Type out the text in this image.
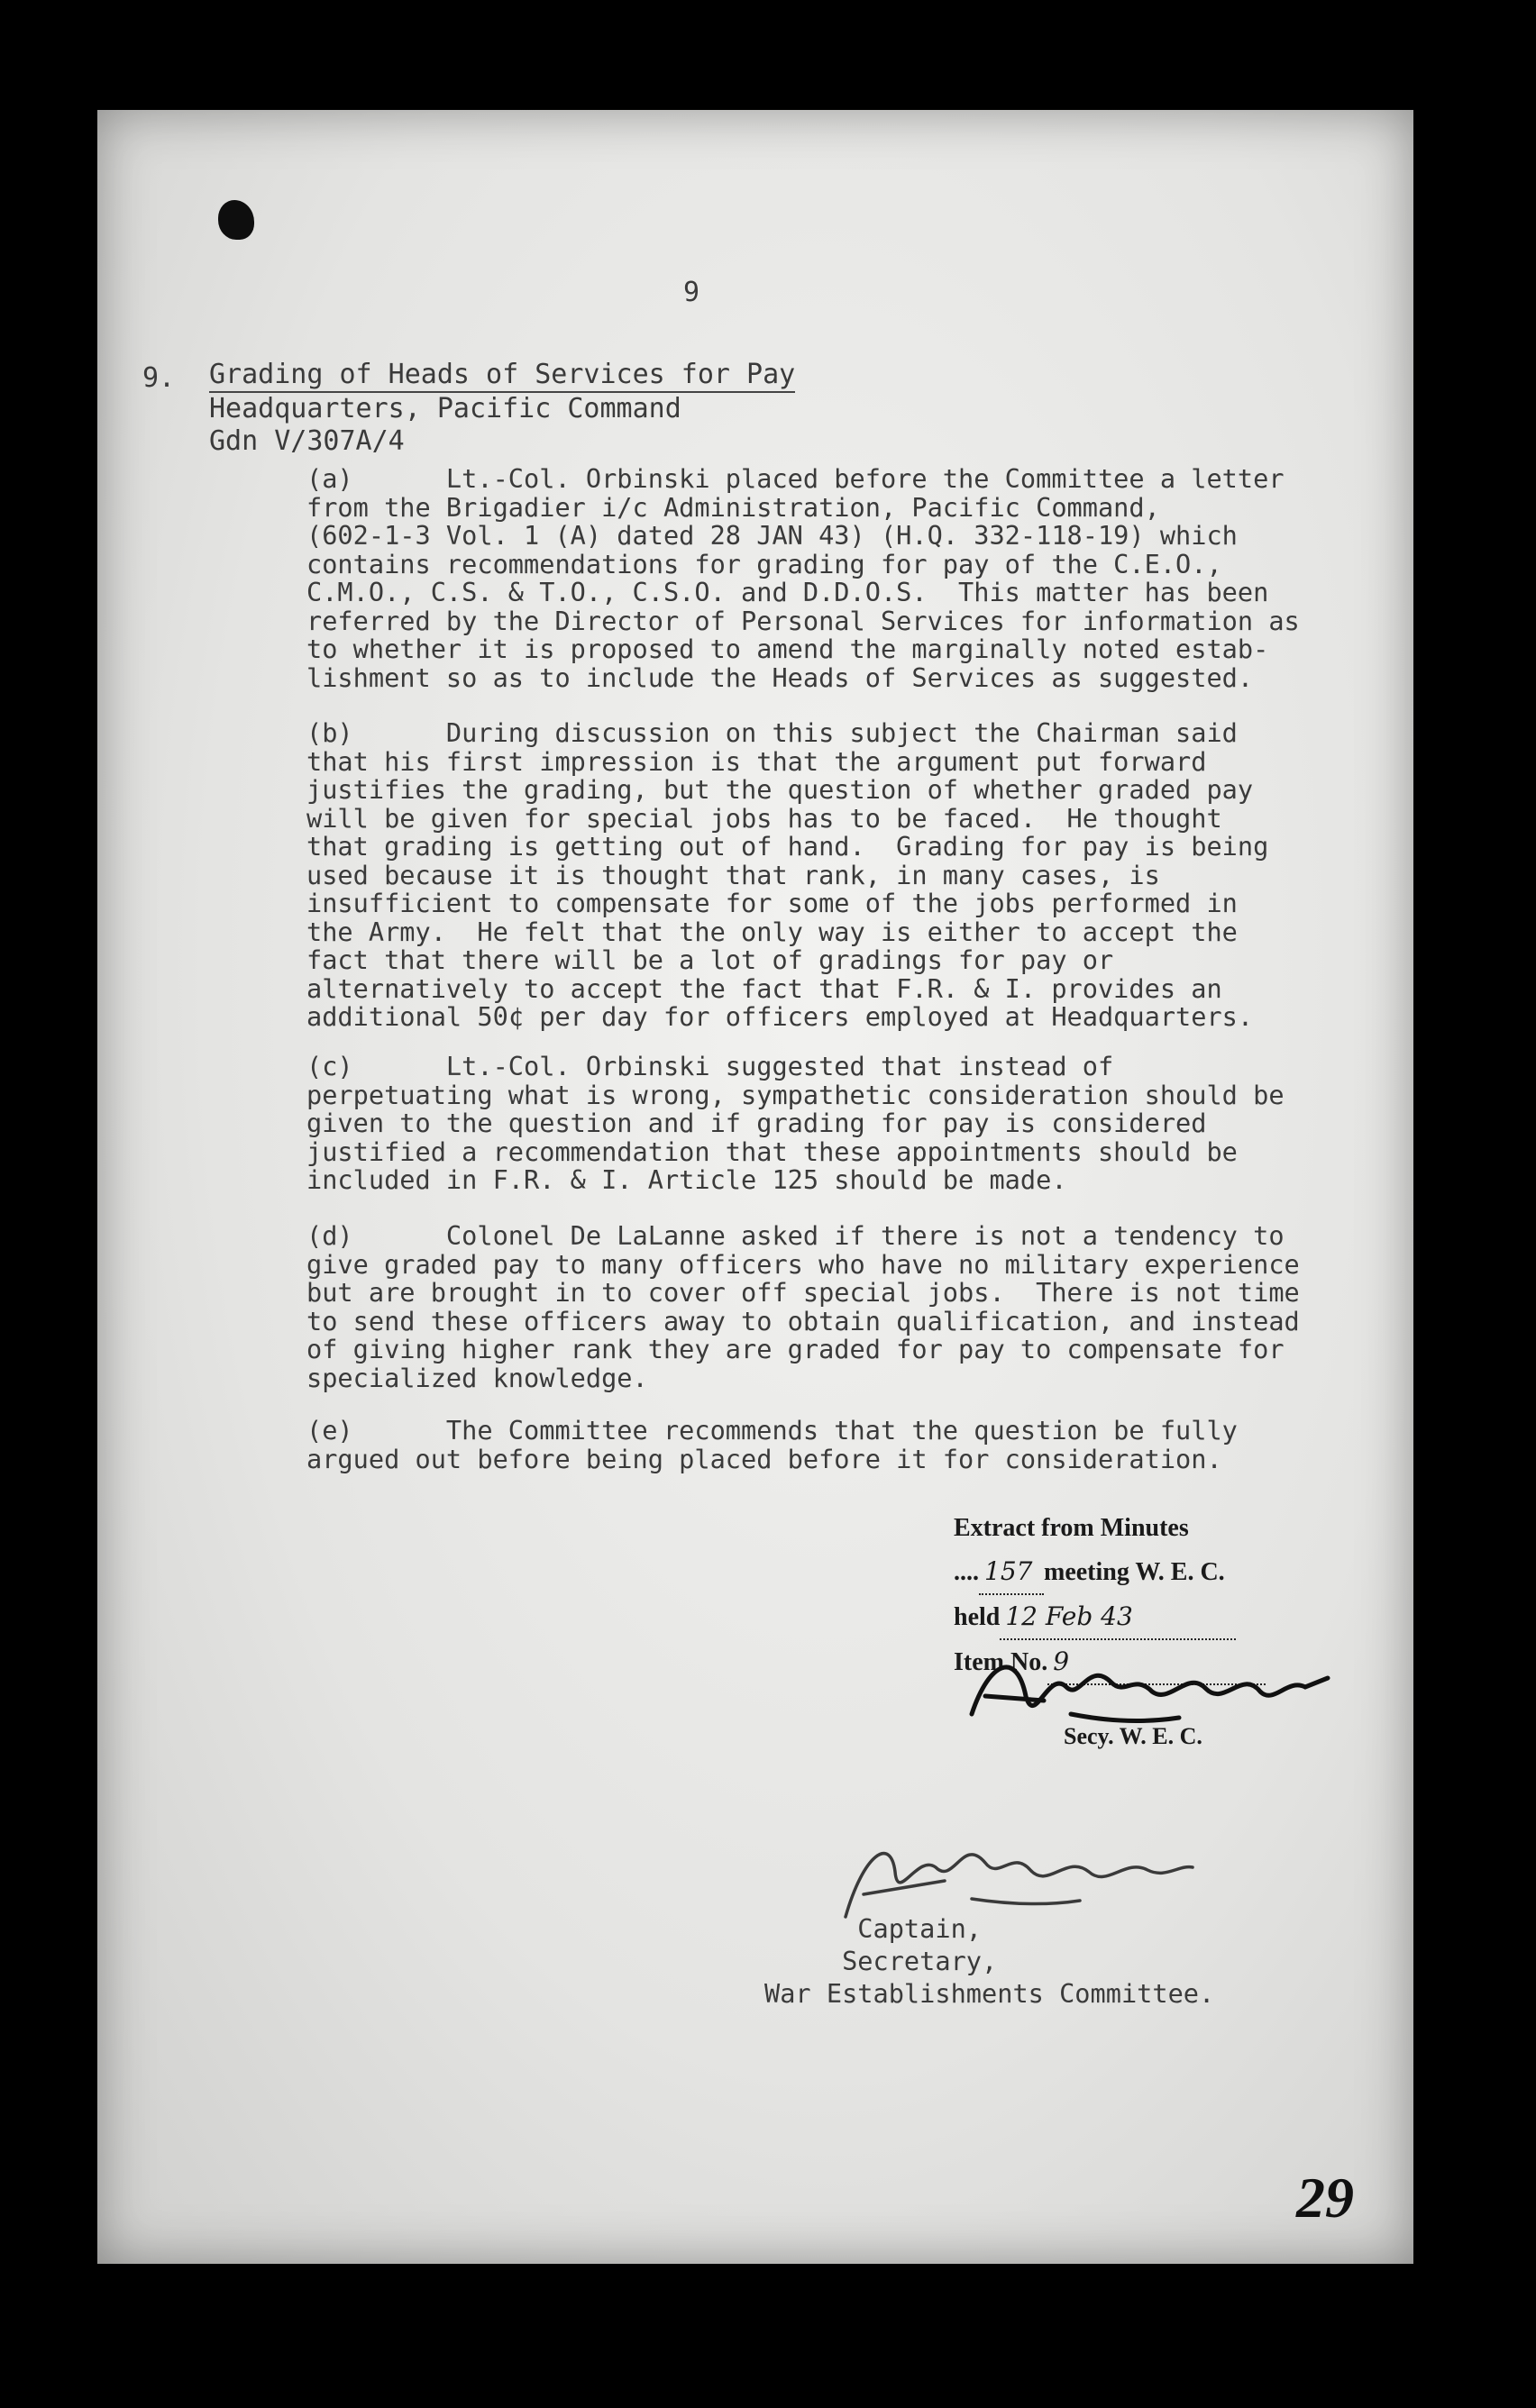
9
9. Grading of Heads of Services for Pay
Headquarters, Pacific Command
Gdn V/307A/4
(a)      Lt.-Col. Orbinski placed before the Committee a letter
from the Brigadier i/c Administration, Pacific Command,
(602-1-3 Vol. 1 (A) dated 28 JAN 43) (H.Q. 332-118-19) which
contains recommendations for grading for pay of the C.E.O.,
C.M.O., C.S. & T.O., C.S.O. and D.D.O.S.  This matter has been
referred by the Director of Personal Services for information as
to whether it is proposed to amend the marginally noted estab-
lishment so as to include the Heads of Services as suggested.
(b)      During discussion on this subject the Chairman said
that his first impression is that the argument put forward
justifies the grading, but the question of whether graded pay
will be given for special jobs has to be faced.  He thought
that grading is getting out of hand.  Grading for pay is being
used because it is thought that rank, in many cases, is
insufficient to compensate for some of the jobs performed in
the Army.  He felt that the only way is either to accept the
fact that there will be a lot of gradings for pay or
alternatively to accept the fact that F.R. & I. provides an
additional 50¢ per day for officers employed at Headquarters.
(c)      Lt.-Col. Orbinski suggested that instead of
perpetuating what is wrong, sympathetic consideration should be
given to the question and if grading for pay is considered
justified a recommendation that these appointments should be
included in F.R. & I. Article 125 should be made.
(d)      Colonel De LaLanne asked if there is not a tendency to
give graded pay to many officers who have no military experience
but are brought in to cover off special jobs.  There is not time
to send these officers away to obtain qualification, and instead
of giving higher rank they are graded for pay to compensate for
specialized knowledge.
(e)      The Committee recommends that the question be fully
argued out before being placed before it for consideration.
Extract from Minutes
.... 157 meeting W. E. C.
held 12 Feb 43
Item No. 9
Secy. W. E. C.
Captain,
Secretary,
War Establishments Committee.
29
